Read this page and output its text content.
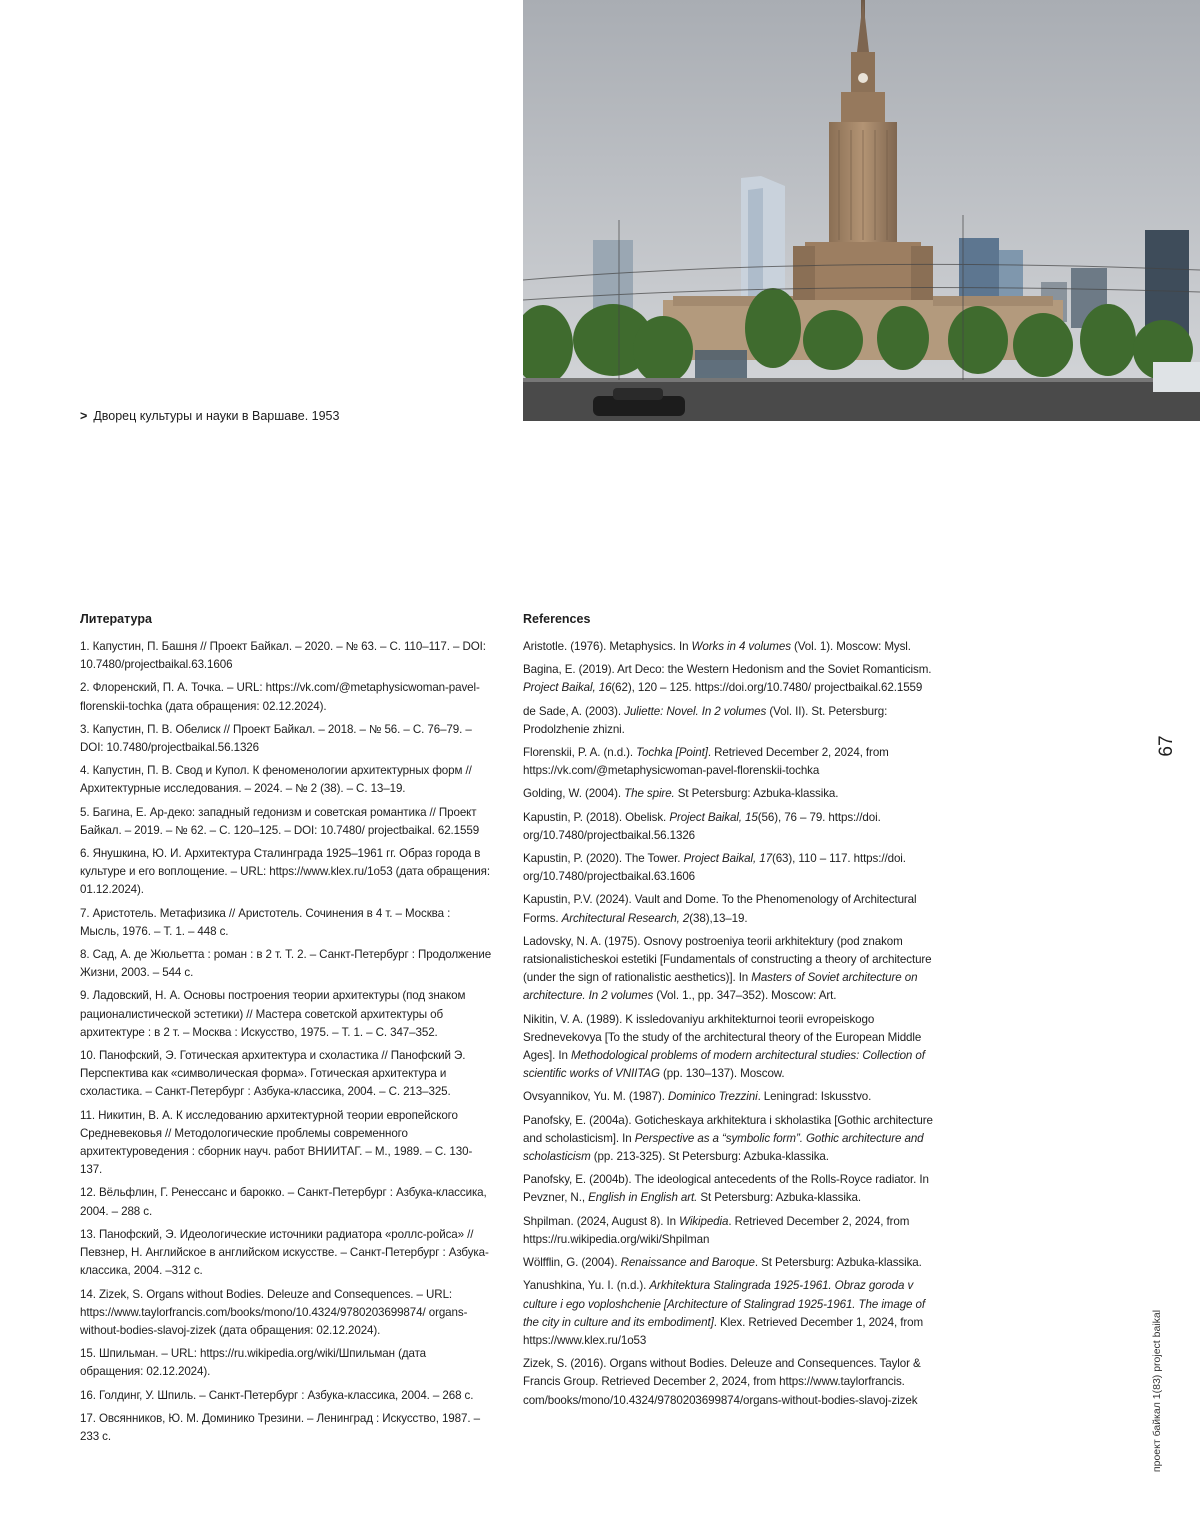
> Дворец культуры и науки в Варшаве. 1953
Литература
1. Капустин, П. Башня // Проект Байкал. – 2020. – № 63. – С. 110–117. – DOI: 10.7480/projectbaikal.63.1606
2. Флоренский, П. А. Точка. – URL: https://vk.com/@metaphysicwoman-pavel-florenskii-tochka (дата обращения: 02.12.2024).
3. Капустин, П. В. Обелиск // Проект Байкал. – 2018. – № 56. – С. 76–79. – DOI: 10.7480/projectbaikal.56.1326
4. Капустин, П. В. Свод и Купол. К феноменологии архитектурных форм // Архитектурные исследования. – 2024. – № 2 (38). – С. 13–19.
5. Багина, Е. Ар-деко: западный гедонизм и советская романтика // Проект Байкал. – 2019. – № 62. – С. 120–125. – DOI: 10.7480/ projectbaikal. 62.1559
6. Янушкина, Ю. И. Архитектура Сталинграда 1925–1961 гг. Образ города в культуре и его воплощение. – URL: https://www.klex.ru/1o53 (дата обращения: 01.12.2024).
7. Аристотель. Метафизика // Аристотель. Сочинения в 4 т. – Москва : Мысль, 1976. – Т. 1. – 448 с.
8. Сад, А. де Жюльетта : роман : в 2 т. Т. 2. – Санкт-Петербург : Продолжение Жизни, 2003. – 544 с.
9. Ладовский, Н. А. Основы построения теории архитектуры (под знаком рационалистической эстетики) // Мастера советской архитектуры об архитектуре : в 2 т. – Москва : Искусство, 1975. – Т. 1. – С. 347–352.
10. Панофский, Э. Готическая архитектура и схоластика // Панофский Э. Перспектива как «символическая форма». Готическая архитектура и схоластика. – Санкт-Петербург : Азбука-классика, 2004. – С. 213–325.
11. Никитин, В. А. К исследованию архитектурной теории европейского Средневековья // Методологические проблемы современного архитектуроведения : сборник науч. работ ВНИИТАГ. – М., 1989. – С. 130-137.
12. Вёльфлин, Г. Ренессанс и барокко. – Санкт-Петербург : Азбука-классика, 2004. – 288 с.
13. Панофский, Э. Идеологические источники радиатора «роллс-ройса» // Певзнер, Н. Английское в английском искусстве. – Санкт-Петербург : Азбука-классика, 2004. –312 с.
14. Zizek, S. Organs without Bodies. Deleuze and Consequences. – URL: https://www.taylorfrancis.com/books/mono/10.4324/9780203699874/ organs-without-bodies-slavoj-zizek (дата обращения: 02.12.2024).
15. Шпильман. – URL: https://ru.wikipedia.org/wiki/Шпильман (дата обращения: 02.12.2024).
16. Голдинг, У. Шпиль. – Санкт-Петербург : Азбука-классика, 2004. – 268 с.
17. Овсянников, Ю. М. Доминико Трезини. – Ленинград : Искусство, 1987. – 233 с.
References
Aristotle. (1976). Metaphysics. In Works in 4 volumes (Vol. 1). Moscow: Mysl.
Bagina, E. (2019). Art Deco: the Western Hedonism and the Soviet Romanticism. Project Baikal, 16(62), 120 – 125. https://doi.org/10.7480/ projectbaikal.62.1559
de Sade, A. (2003). Juliette: Novel. In 2 volumes (Vol. II). St. Petersburg: Prodolzhenie zhizni.
Florenskii, P. A. (n.d.). Tochka [Point]. Retrieved December 2, 2024, from https://vk.com/@metaphysicwoman-pavel-florenskii-tochka
Golding, W. (2004). The spire. St Petersburg: Azbuka-klassika.
Kapustin, P. (2018). Obelisk. Project Baikal, 15(56), 76 – 79. https://doi. org/10.7480/projectbaikal.56.1326
Kapustin, P. (2020). The Tower. Project Baikal, 17(63), 110 – 117. https://doi. org/10.7480/projectbaikal.63.1606
Kapustin, P.V. (2024). Vault and Dome. To the Phenomenology of Architectural Forms. Architectural Research, 2(38),13–19.
Ladovsky, N. A. (1975). Osnovy postroeniya teorii arkhitektury (pod znakom ratsionalisticheskoi estetiki [Fundamentals of constructing a theory of architecture (under the sign of rationalistic aesthetics)]. In Masters of Soviet architecture on architecture. In 2 volumes (Vol. 1., pp. 347–352). Moscow: Art.
Nikitin, V. A. (1989). K issledovaniyu arkhitekturnoi teorii evropeiskogo Srednevekovya [To the study of the architectural theory of the European Middle Ages]. In Methodological problems of modern architectural studies: Collection of scientific works of VNIITAG (pp. 130–137). Moscow.
Ovsyannikov, Yu. M. (1987). Dominico Trezzini. Leningrad: Iskusstvo.
Panofsky, E. (2004a). Goticheskaya arkhitektura i skholastika [Gothic architecture and scholasticism]. In Perspective as a “symbolic form”. Gothic architecture and scholasticism (pp. 213-325). St Petersburg: Azbuka-klassika.
Panofsky, E. (2004b). The ideological antecedents of the Rolls-Royce radiator. In Pevzner, N., English in English art. St Petersburg: Azbuka-klassika.
Shpilman. (2024, August 8). In Wikipedia. Retrieved December 2, 2024, from https://ru.wikipedia.org/wiki/Shpilman
Wölfflin, G. (2004). Renaissance and Baroque. St Petersburg: Azbuka-klassika.
Yanushkina, Yu. I. (n.d.). Arkhitektura Stalingrada 1925-1961. Obraz goroda v culture i ego voploshchenie [Architecture of Stalingrad 1925-1961. The image of the city in culture and its embodiment]. Klex. Retrieved December 1, 2024, from https://www.klex.ru/1o53
Zizek, S. (2016). Organs without Bodies. Deleuze and Consequences. Taylor & Francis Group. Retrieved December 2, 2024, from https://www.taylorfrancis. com/books/mono/10.4324/9780203699874/organs-without-bodies-slavoj-zizek
67
проект байкал 1(83) project baikal
